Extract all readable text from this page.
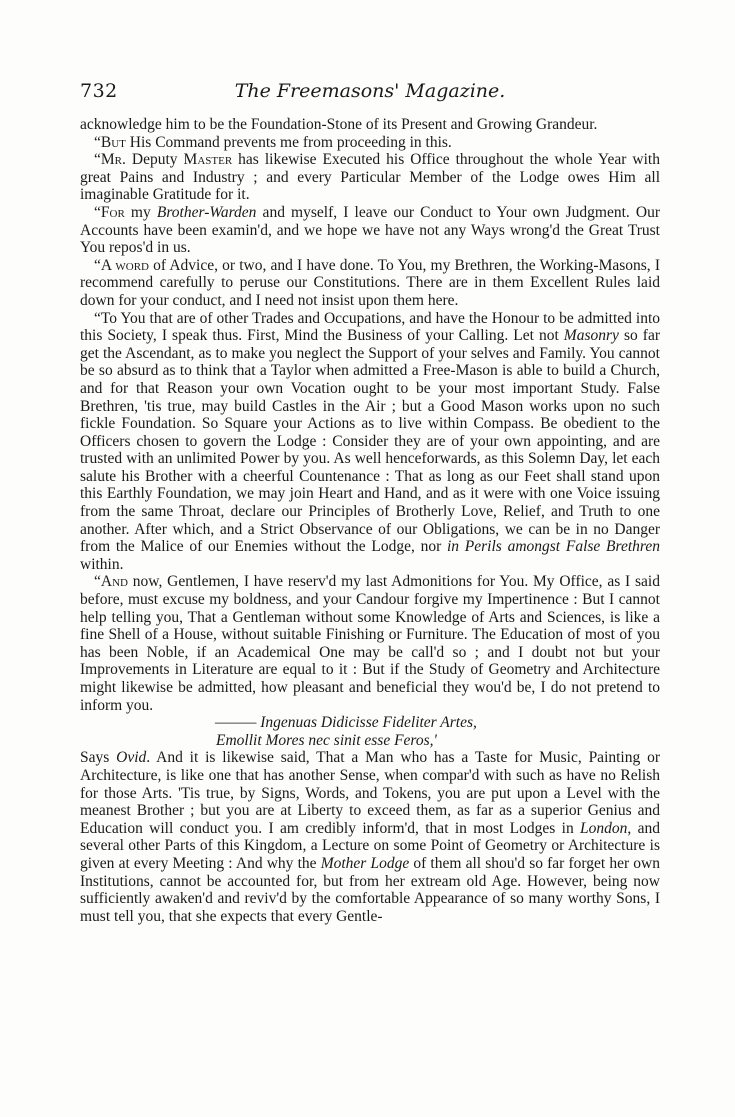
732	The Freemasons' Magazine.

acknowledge him to be the Foundation-Stone of its Present and Growing Grandeur.

“But His Command prevents me from proceeding in this.

“Mr. Deputy Master has likewise Executed his Office throughout the whole Year with great Pains and Industry ; and every Particular Member of the Lodge owes Him all imaginable Gratitude for it.

“For my Brother-Warden and myself, I leave our Conduct to Your own Judgment. Our Accounts have been examin'd, and we hope we have not any Ways wrong'd the Great Trust You repos'd in us.

“A word of Advice, or two, and I have done. To You, my Brethren, the Working-Masons, I recommend carefully to peruse our Constitutions. There are in them Excellent Rules laid down for your conduct, and I need not insist upon them here.

“To You that are of other Trades and Occupations, and have the Honour to be admitted into this Society, I speak thus. First, Mind the Business of your Calling. Let not Masonry so far get the Ascendant, as to make you neglect the Support of your selves and Family. You cannot be so absurd as to think that a Taylor when admitted a Free-Mason is able to build a Church, and for that Reason your own Vocation ought to be your most important Study. False Brethren, 'tis true, may build Castles in the Air ; but a Good Mason works upon no such fickle Foundation. So Square your Actions as to live within Compass. Be obedient to the Officers chosen to govern the Lodge : Consider they are of your own appointing, and are trusted with an unlimited Power by you. As well henceforwards, as this Solemn Day, let each salute his Brother with a cheerful Countenance : That as long as our Feet shall stand upon this Earthly Foundation, we may join Heart and Hand, and as it were with one Voice issuing from the same Throat, declare our Principles of Brotherly Love, Relief, and Truth to one another. After which, and a Strict Observance of our Obligations, we can be in no Danger from the Malice of our Enemies without the Lodge, nor in Perils amongst False Brethren within.

“And now, Gentlemen, I have reserv'd my last Admonitions for You. My Office, as I said before, must excuse my boldness, and your Candour forgive my Impertinence : But I cannot help telling you, That a Gentleman without some Knowledge of Arts and Sciences, is like a fine Shell of a House, without suitable Finishing or Furniture. The Education of most of you has been Noble, if an Academical One may be call'd so ; and I doubt not but your Improvements in Literature are equal to it : But if the Study of Geometry and Architecture might likewise be admitted, how pleasant and beneficial they wou'd be, I do not pretend to inform you.

——— Ingenuas Didicisse Fideliter Artes,

Emollit Mores nec sinit esse Feros,'

Says Ovid. And it is likewise said, That a Man who has a Taste for Music, Painting or Architecture, is like one that has another Sense, when compar'd with such as have no Relish for those Arts. 'Tis true, by Signs, Words, and Tokens, you are put upon a Level with the meanest Brother ; but you are at Liberty to exceed them, as far as a superior Genius and Education will conduct you. I am credibly inform'd, that in most Lodges in London, and several other Parts of this Kingdom, a Lecture on some Point of Geometry or Architecture is given at every Meeting : And why the Mother Lodge of them all shou'd so far forget her own Institutions, cannot be accounted for, but from her extream old Age. However, being now sufficiently awaken'd and reviv'd by the comfortable Appearance of so many worthy Sons, I must tell you, that she expects that every Gentle-
